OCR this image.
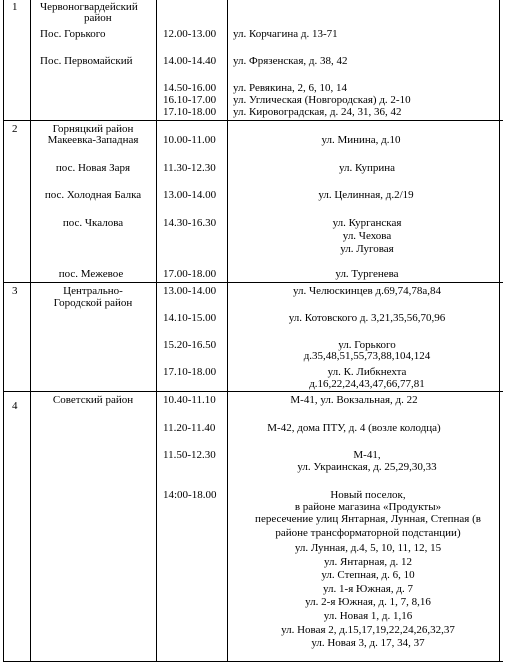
1 Червоногвардейский
район
Пос. Горького	12.00-13.00 ул. Корчагина д. 13-71
Пос. Первомайский	14.00-14.40 ул. Фрязенская, д. 38, 42
14.50-16.00 ул. Ревякина, 2, 6, 10, 14
16.10-17.00 ул. Углическая (Новгородская) д. 2-10
17.10-18.00 ул. Кировоградская, д. 24, 31, 36, 42
2	Горняцкий район
Макеевка-Западная 10.00-11.00	ул. Минина, д.10
пос. Новая Заря	11.30-12.30	ул. Куприна
пос. Холодная Балка 13.00-14.00	ул. Целинная, д.2/19
пос. Чкалова	14.30-16.30	ул. Курганская
ул. Чехова
ул. Луговая
пос. Межевое	17.00-18.00	ул. Тургенева
3	Центрально-
Городской район
13.00-14.00	ул. Челюскинцев д.69,74,78а,84
14.10-15.00	ул. Котовского д. 3,21,35,56,70,96
15.20-16.50	ул. Горького
д.35,48,51,55,73,88,104,124
17.10-18.00	ул. К. Либкнехта
д.16,22,24,43,47,66,77,81
4	Советский район	10.40-11.10	М-41, ул. Вокзальная, д. 22
11.20-11.40	М-42, дома ПТУ, д. 4 (возле колодца)
11.50-12.30	М-41,
ул. Украинская, д. 25,29,30,33
14:00-18.00	Новый поселок,
в районе магазина «Продукты»
пересечение улиц Янтарная, Лунная, Степная (в
районе трансформаторной подстанции)
ул. Лунная, д.4, 5, 10, 11, 12, 15
ул. Янтарная, д. 12
ул. Степная, д. 6, 10
ул. 1-я Южная, д. 7
ул. 2-я Южная, д. 1, 7, 8,16
ул. Новая 1, д. 1,16
ул. Новая 2, д.15,17,19,22,24,26,32,37
ул. Новая 3, д. 17, 34, 37
